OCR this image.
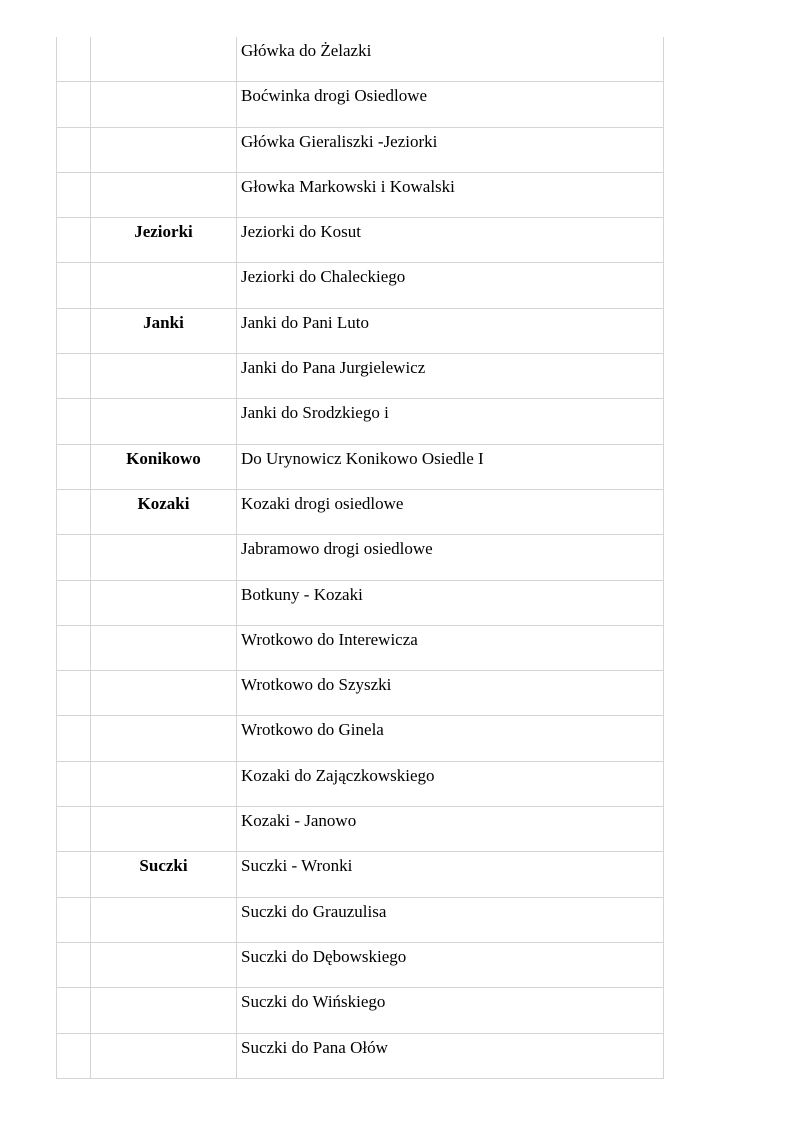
		Główka do Żelazki

		Boćwinka drogi Osiedlowe

		Główka Gieraliszki -Jeziorki

		Głowka Markowski i Kowalski

	Jeziorki	Jeziorki do Kosut

		Jeziorki do Chaleckiego

	Janki	Janki do Pani Luto

		Janki do Pana Jurgielewicz

		Janki do Srodzkiego i

	Konikowo	Do Urynowicz Konikowo Osiedle I

	Kozaki	Kozaki drogi osiedlowe

		Jabramowo drogi osiedlowe

		Botkuny - Kozaki

		Wrotkowo do Interewicza

		Wrotkowo do Szyszki

		Wrotkowo do Ginela

		Kozaki do Zajączkowskiego

		Kozaki - Janowo

	Suczki	Suczki - Wronki

		Suczki do Grauzulisa

		Suczki do Dębowskiego

		Suczki do Wińskiego

		Suczki do Pana Ołów
